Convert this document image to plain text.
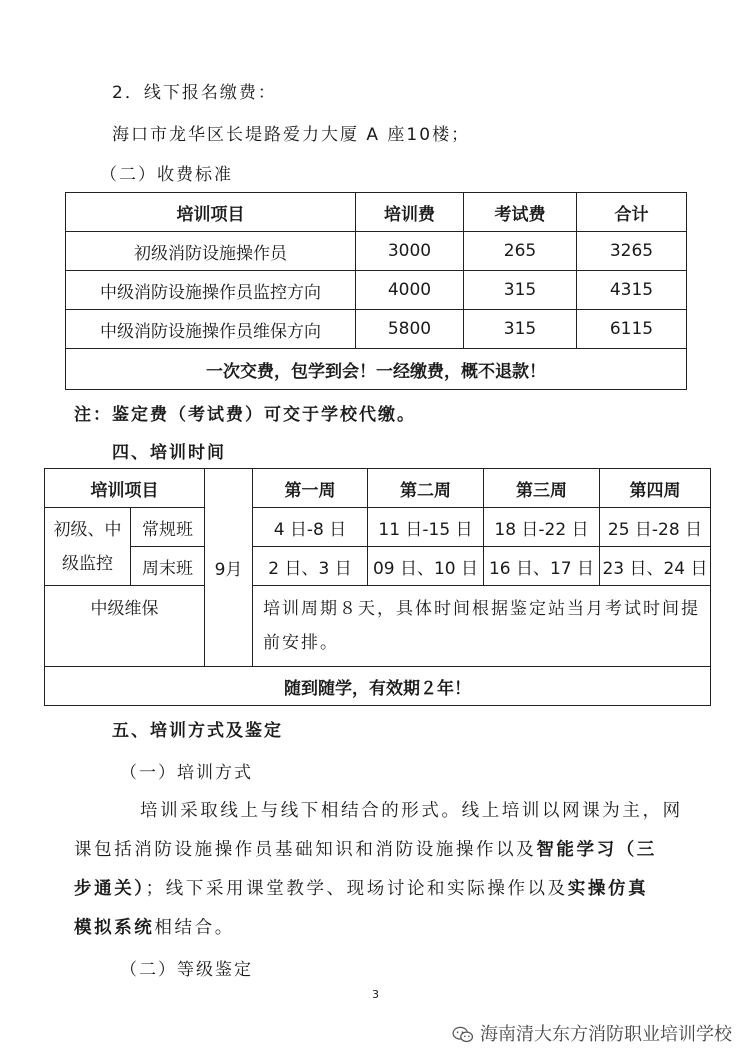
2．线下报名缴费：
海口市龙华区长堤路爱力大厦 A 座10楼；
（二）收费标准
培训项目	培训费	考试费	合计
初级消防设施操作员	3000	265	3265
中级消防设施操作员监控方向	4000	315	4315
中级消防设施操作员维保方向	5800	315	6115
一次交费，包学到会！一经缴费，概不退款！			
注：鉴定费（考试费）可交于学校代缴。
四、培训时间
培训项目		9月	第一周	第二周	第三周	第四周
初级、中级监控	常规班		4 日-8 日	11 日-15 日	18 日-22 日	25 日-28 日
	周末班		2 日、3 日	09 日、10 日	16 日、17 日	23 日、24 日
中级维保			培训周期８天，具体时间根据鉴定站当月考试时间提前安排。			

随到随学，有效期２年！						
五、培训方式及鉴定
（一）培训方式
培训采取线上与线下相结合的形式。线上培训以网课为主，网
课包括消防设施操作员基础知识和消防设施操作以及智能学习（三
步通关）；线下采用课堂教学、现场讨论和实际操作以及实操仿真
模拟系统相结合。
（二）等级鉴定
3
海南清大东方消防职业培训学校
